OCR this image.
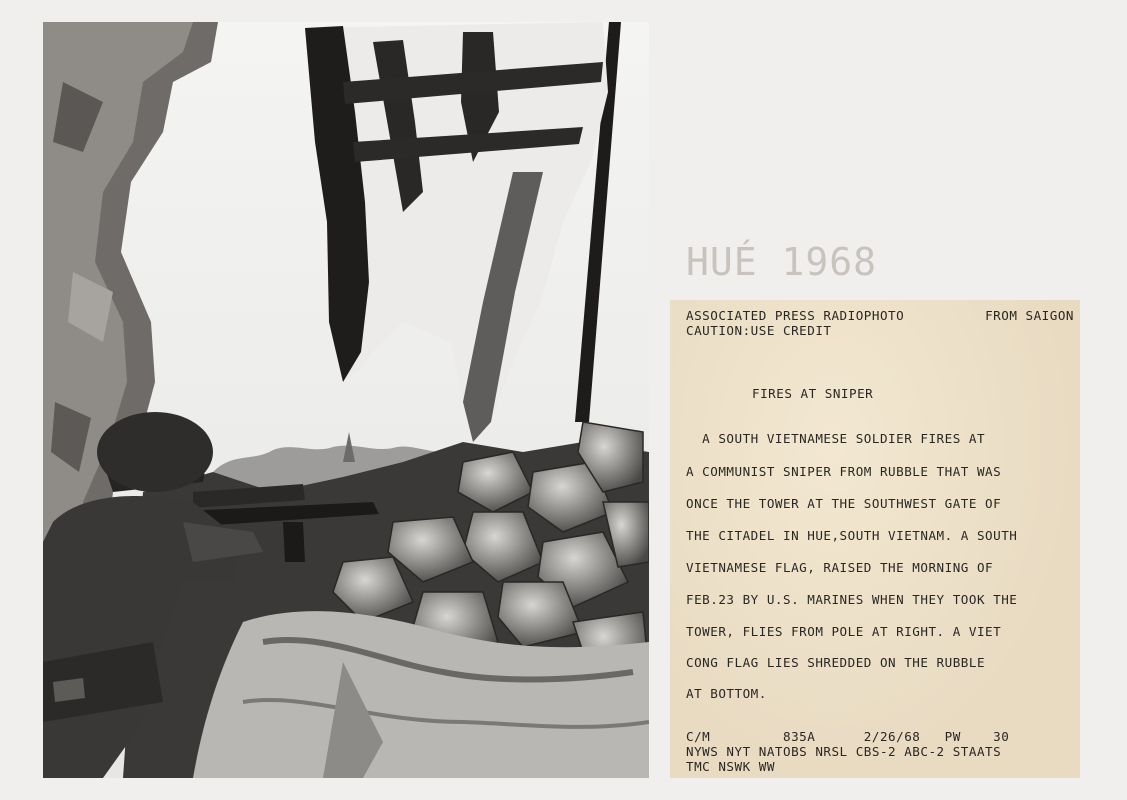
HUÉ 1968
ASSOCIATED PRESS RADIOPHOTO	FROM SAIGON
CAUTION:USE CREDIT
FIRES AT SNIPER
A SOUTH VIETNAMESE SOLDIER FIRES AT
A COMMUNIST SNIPER FROM RUBBLE THAT WAS
ONCE THE TOWER AT THE SOUTHWEST GATE OF
THE CITADEL IN HUE,SOUTH VIETNAM. A SOUTH
VIETNAMESE FLAG, RAISED THE MORNING OF
FEB.23 BY U.S. MARINES WHEN THEY TOOK THE
TOWER, FLIES FROM POLE AT RIGHT. A VIET
CONG FLAG LIES SHREDDED ON THE RUBBLE
AT BOTTOM.
C/M         835A      2/26/68   PW    30
NYWS NYT NATOBS NRSL CBS-2 ABC-2 STAATS
TMC NSWK WW
